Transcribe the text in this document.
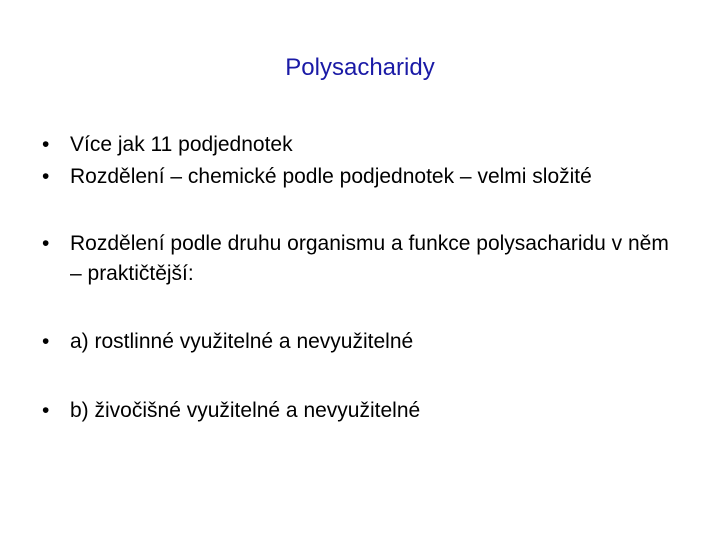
Polysacharidy
• Více jak 11 podjednotek
• Rozdělení – chemické podle podjednotek – velmi složité
• Rozdělení podle druhu organismu a funkce polysacharidu v něm – praktičtější:
• a) rostlinné využitelné a nevyužitelné
• b) živočišné využitelné a nevyužitelné
